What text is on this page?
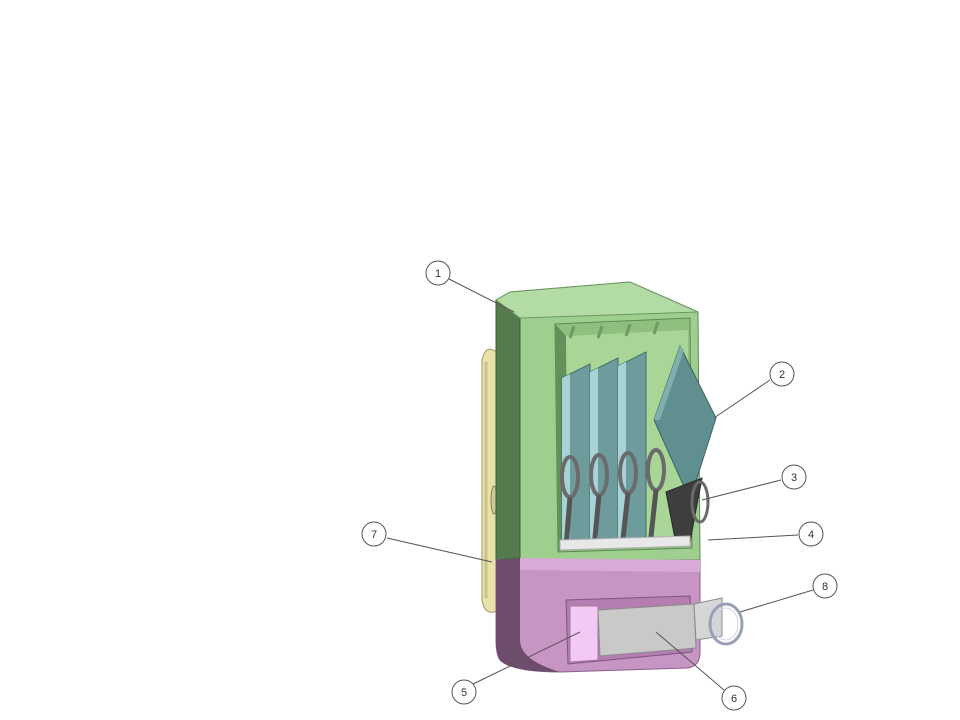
1
2
3
4
5	6
7
8
